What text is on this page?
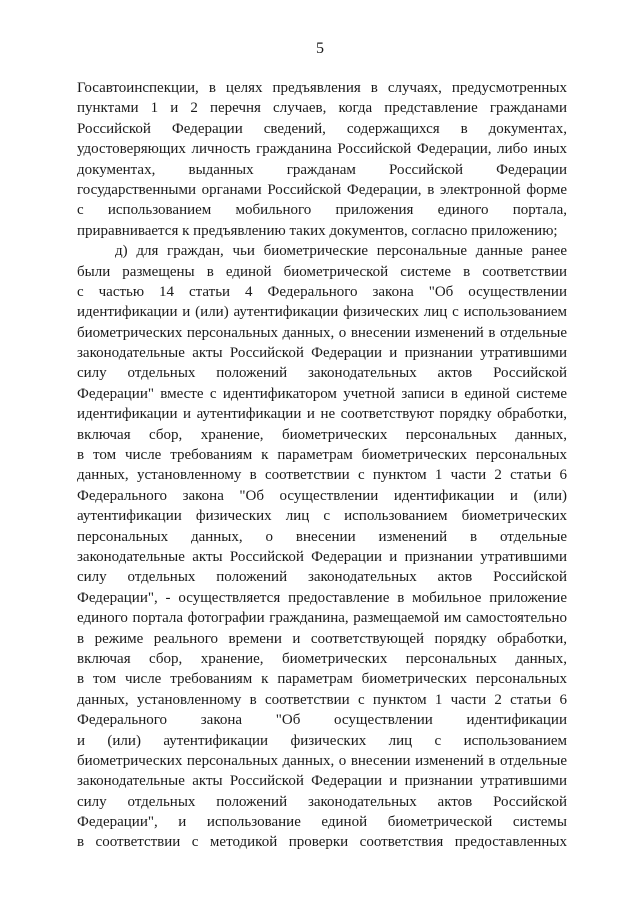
5
Госавтоинспекции, в целях предъявления в случаях, предусмотренных
пунктами 1 и 2 перечня случаев, когда представление гражданами
Российской Федерации сведений, содержащихся в документах,
удостоверяющих личность гражданина Российской Федерации, либо иных
документах, выданных гражданам Российской Федерации
государственными органами Российской Федерации, в электронной форме
с использованием мобильного приложения единого портала,
приравнивается к предъявлению таких документов, согласно приложению;
д) для граждан, чьи биометрические персональные данные ранее
были размещены в единой биометрической системе в соответствии
с частью 14 статьи 4 Федерального закона "Об осуществлении
идентификации и (или) аутентификации физических лиц с использованием
биометрических персональных данных, о внесении изменений в отдельные
законодательные акты Российской Федерации и признании утратившими
силу отдельных положений законодательных актов Российской
Федерации" вместе с идентификатором учетной записи в единой системе
идентификации и аутентификации и не соответствуют порядку обработки,
включая сбор, хранение, биометрических персональных данных,
в том числе требованиям к параметрам биометрических персональных
данных, установленному в соответствии с пунктом 1 части 2 статьи 6
Федерального закона "Об осуществлении идентификации и (или)
аутентификации физических лиц с использованием биометрических
персональных данных, о внесении изменений в отдельные
законодательные акты Российской Федерации и признании утратившими
силу отдельных положений законодательных актов Российской
Федерации", - осуществляется предоставление в мобильное приложение
единого портала фотографии гражданина, размещаемой им самостоятельно
в режиме реального времени и соответствующей порядку обработки,
включая сбор, хранение, биометрических персональных данных,
в том числе требованиям к параметрам биометрических персональных
данных, установленному в соответствии с пунктом 1 части 2 статьи 6
Федерального закона "Об осуществлении идентификации
и (или) аутентификации физических лиц с использованием
биометрических персональных данных, о внесении изменений в отдельные
законодательные акты Российской Федерации и признании утратившими
силу отдельных положений законодательных актов Российской
Федерации", и использование единой биометрической системы
в соответствии с методикой проверки соответствия предоставленных
